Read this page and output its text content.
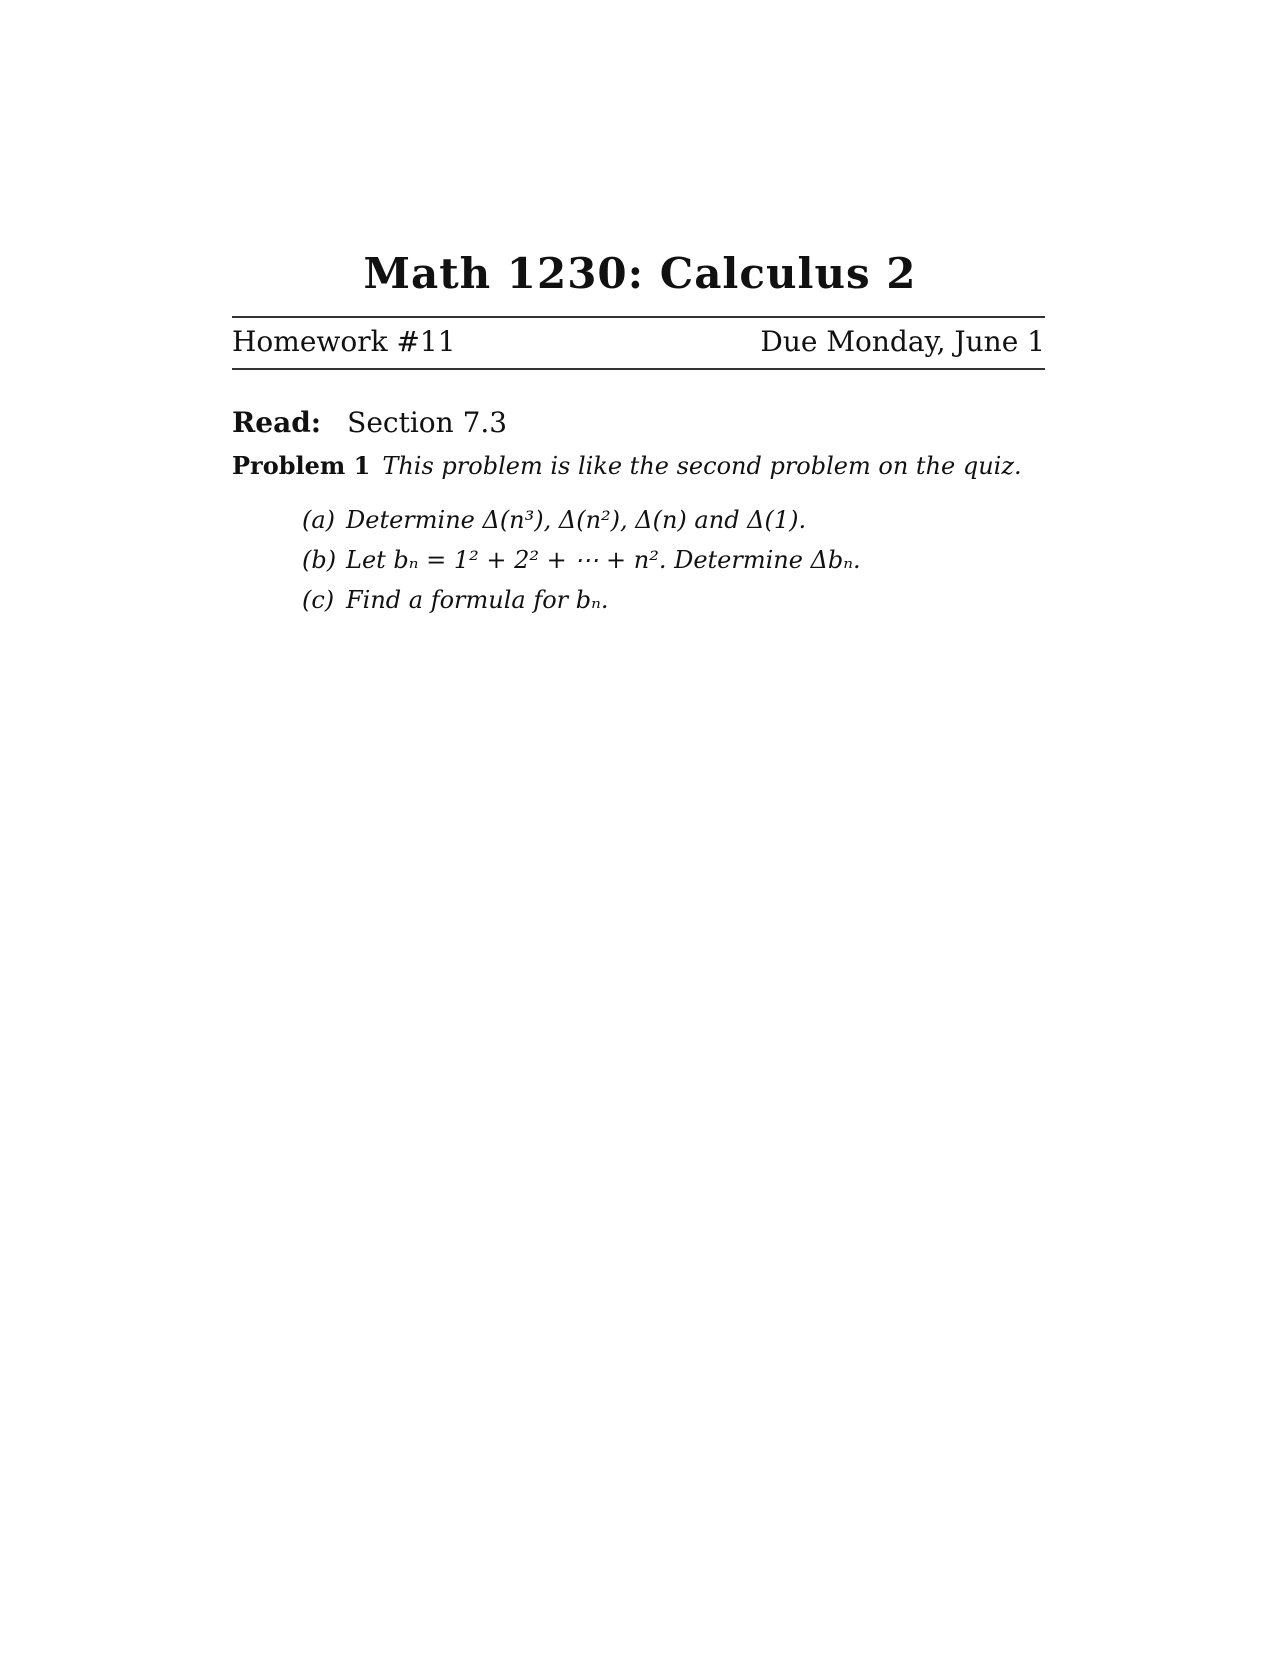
Math 1230: Calculus 2
Homework #11	Due Monday, June 1
Read: Section 7.3
Problem 1 This problem is like the second problem on the quiz.
(a) Determine Δ(n³), Δ(n²), Δ(n) and Δ(1).
(b) Let bₙ = 1² + 2² + ⋯ + n². Determine Δbₙ.
(c) Find a formula for bₙ.
